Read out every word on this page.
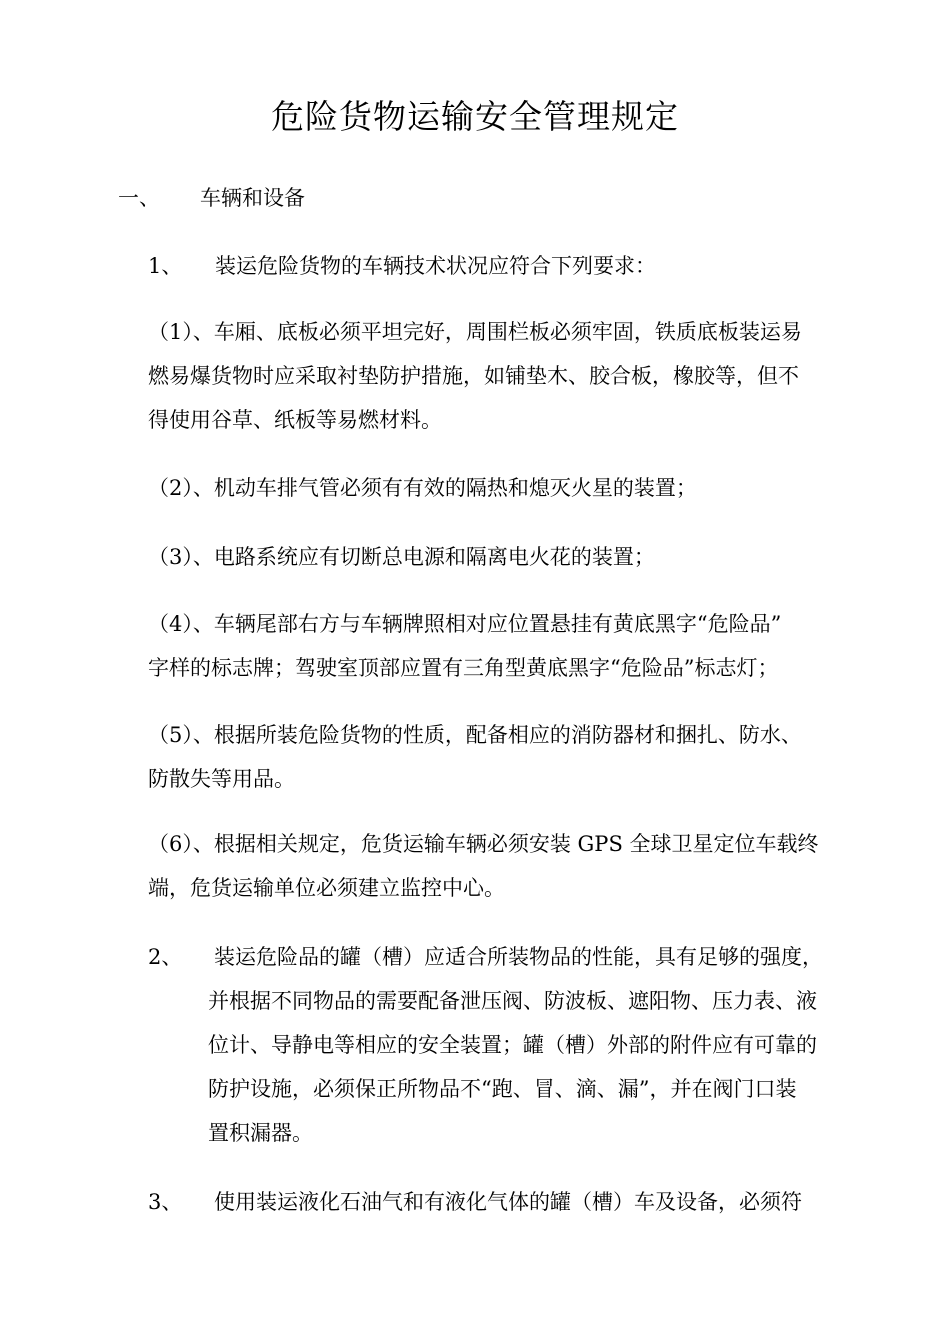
危险货物运输安全管理规定
一、 车辆和设备
1、 装运危险货物的车辆技术状况应符合下列要求：
（1）、车厢、底板必须平坦完好，周围栏板必须牢固，铁质底板装运易
燃易爆货物时应采取衬垫防护措施，如铺垫木、胶合板，橡胶等，但不
得使用谷草、纸板等易燃材料。
（2）、机动车排气管必须有有效的隔热和熄灭火星的装置；
（3）、电路系统应有切断总电源和隔离电火花的装置；
（4）、车辆尾部右方与车辆牌照相对应位置悬挂有黄底黑字“危险品”
字样的标志牌；驾驶室顶部应置有三角型黄底黑字“危险品”标志灯；
（5）、根据所装危险货物的性质，配备相应的消防器材和捆扎、防水、
防散失等用品。
（6）、根据相关规定，危货运输车辆必须安装 GPS 全球卫星定位车载终
端，危货运输单位必须建立监控中心。
2、 装运危险品的罐（槽）应适合所装物品的性能，具有足够的强度，
并根据不同物品的需要配备泄压阀、防波板、遮阳物、压力表、液
位计、导静电等相应的安全装置；罐（槽）外部的附件应有可靠的
防护设施，必须保正所物品不“跑、冒、滴、漏”，并在阀门口装
置积漏器。
3、 使用装运液化石油气和有液化气体的罐（槽）车及设备，必须符
